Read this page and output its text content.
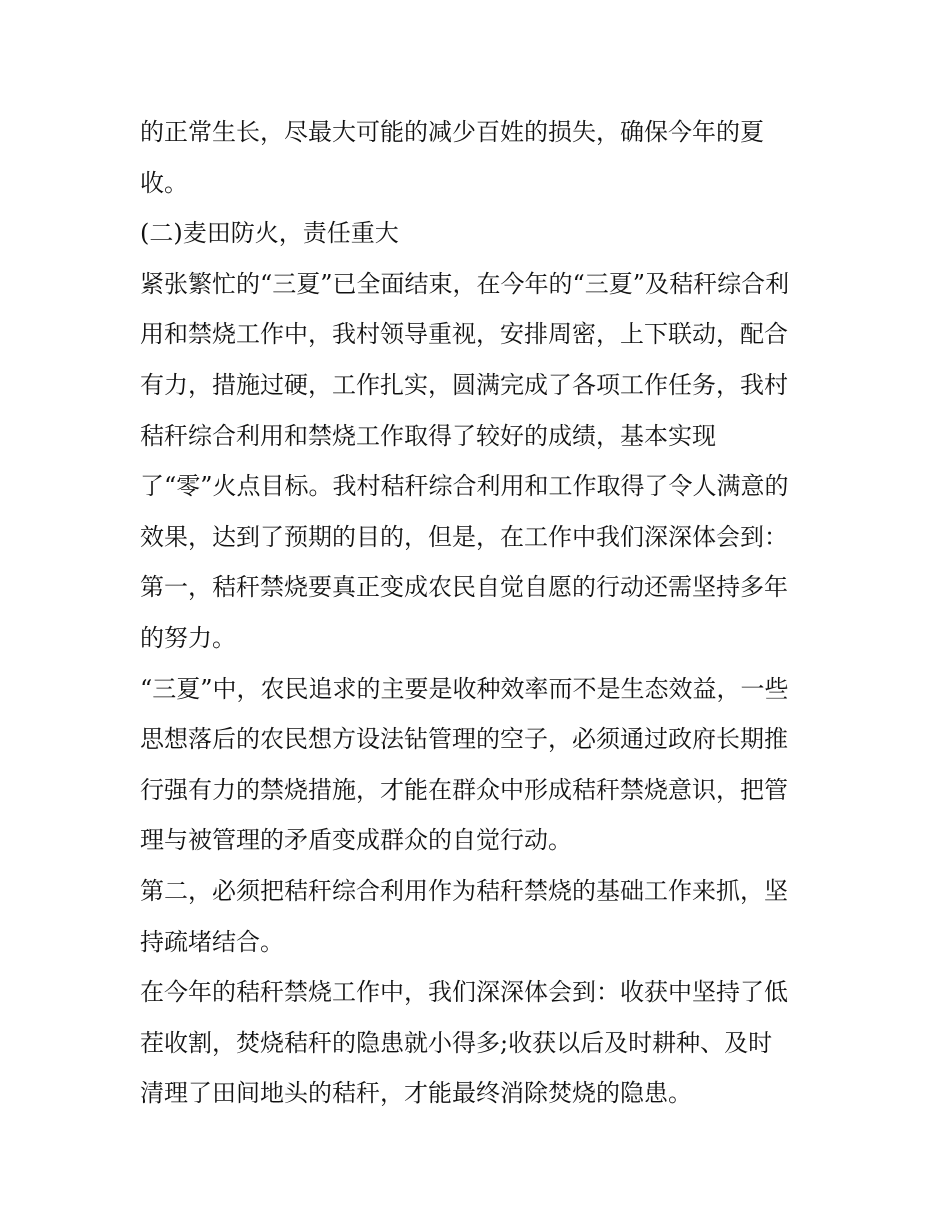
的正常生长，尽最大可能的减少百姓的损失，确保今年的夏
收。
(二)麦田防火，责任重大
紧张繁忙的“三夏”已全面结束，在今年的“三夏”及秸秆综合利
用和禁烧工作中，我村领导重视，安排周密，上下联动，配合
有力，措施过硬，工作扎实，圆满完成了各项工作任务，我村
秸秆综合利用和禁烧工作取得了较好的成绩，基本实现
了“零”火点目标。我村秸秆综合利用和工作取得了令人满意的
效果，达到了预期的目的，但是，在工作中我们深深体会到：
第一，秸秆禁烧要真正变成农民自觉自愿的行动还需坚持多年
的努力。
“三夏”中，农民追求的主要是收种效率而不是生态效益，一些
思想落后的农民想方设法钻管理的空子，必须通过政府长期推
行强有力的禁烧措施，才能在群众中形成秸秆禁烧意识，把管
理与被管理的矛盾变成群众的自觉行动。
第二，必须把秸秆综合利用作为秸秆禁烧的基础工作来抓，坚
持疏堵结合。
在今年的秸秆禁烧工作中，我们深深体会到：收获中坚持了低
茬收割，焚烧秸秆的隐患就小得多;收获以后及时耕种、及时
清理了田间地头的秸秆，才能最终消除焚烧的隐患。
